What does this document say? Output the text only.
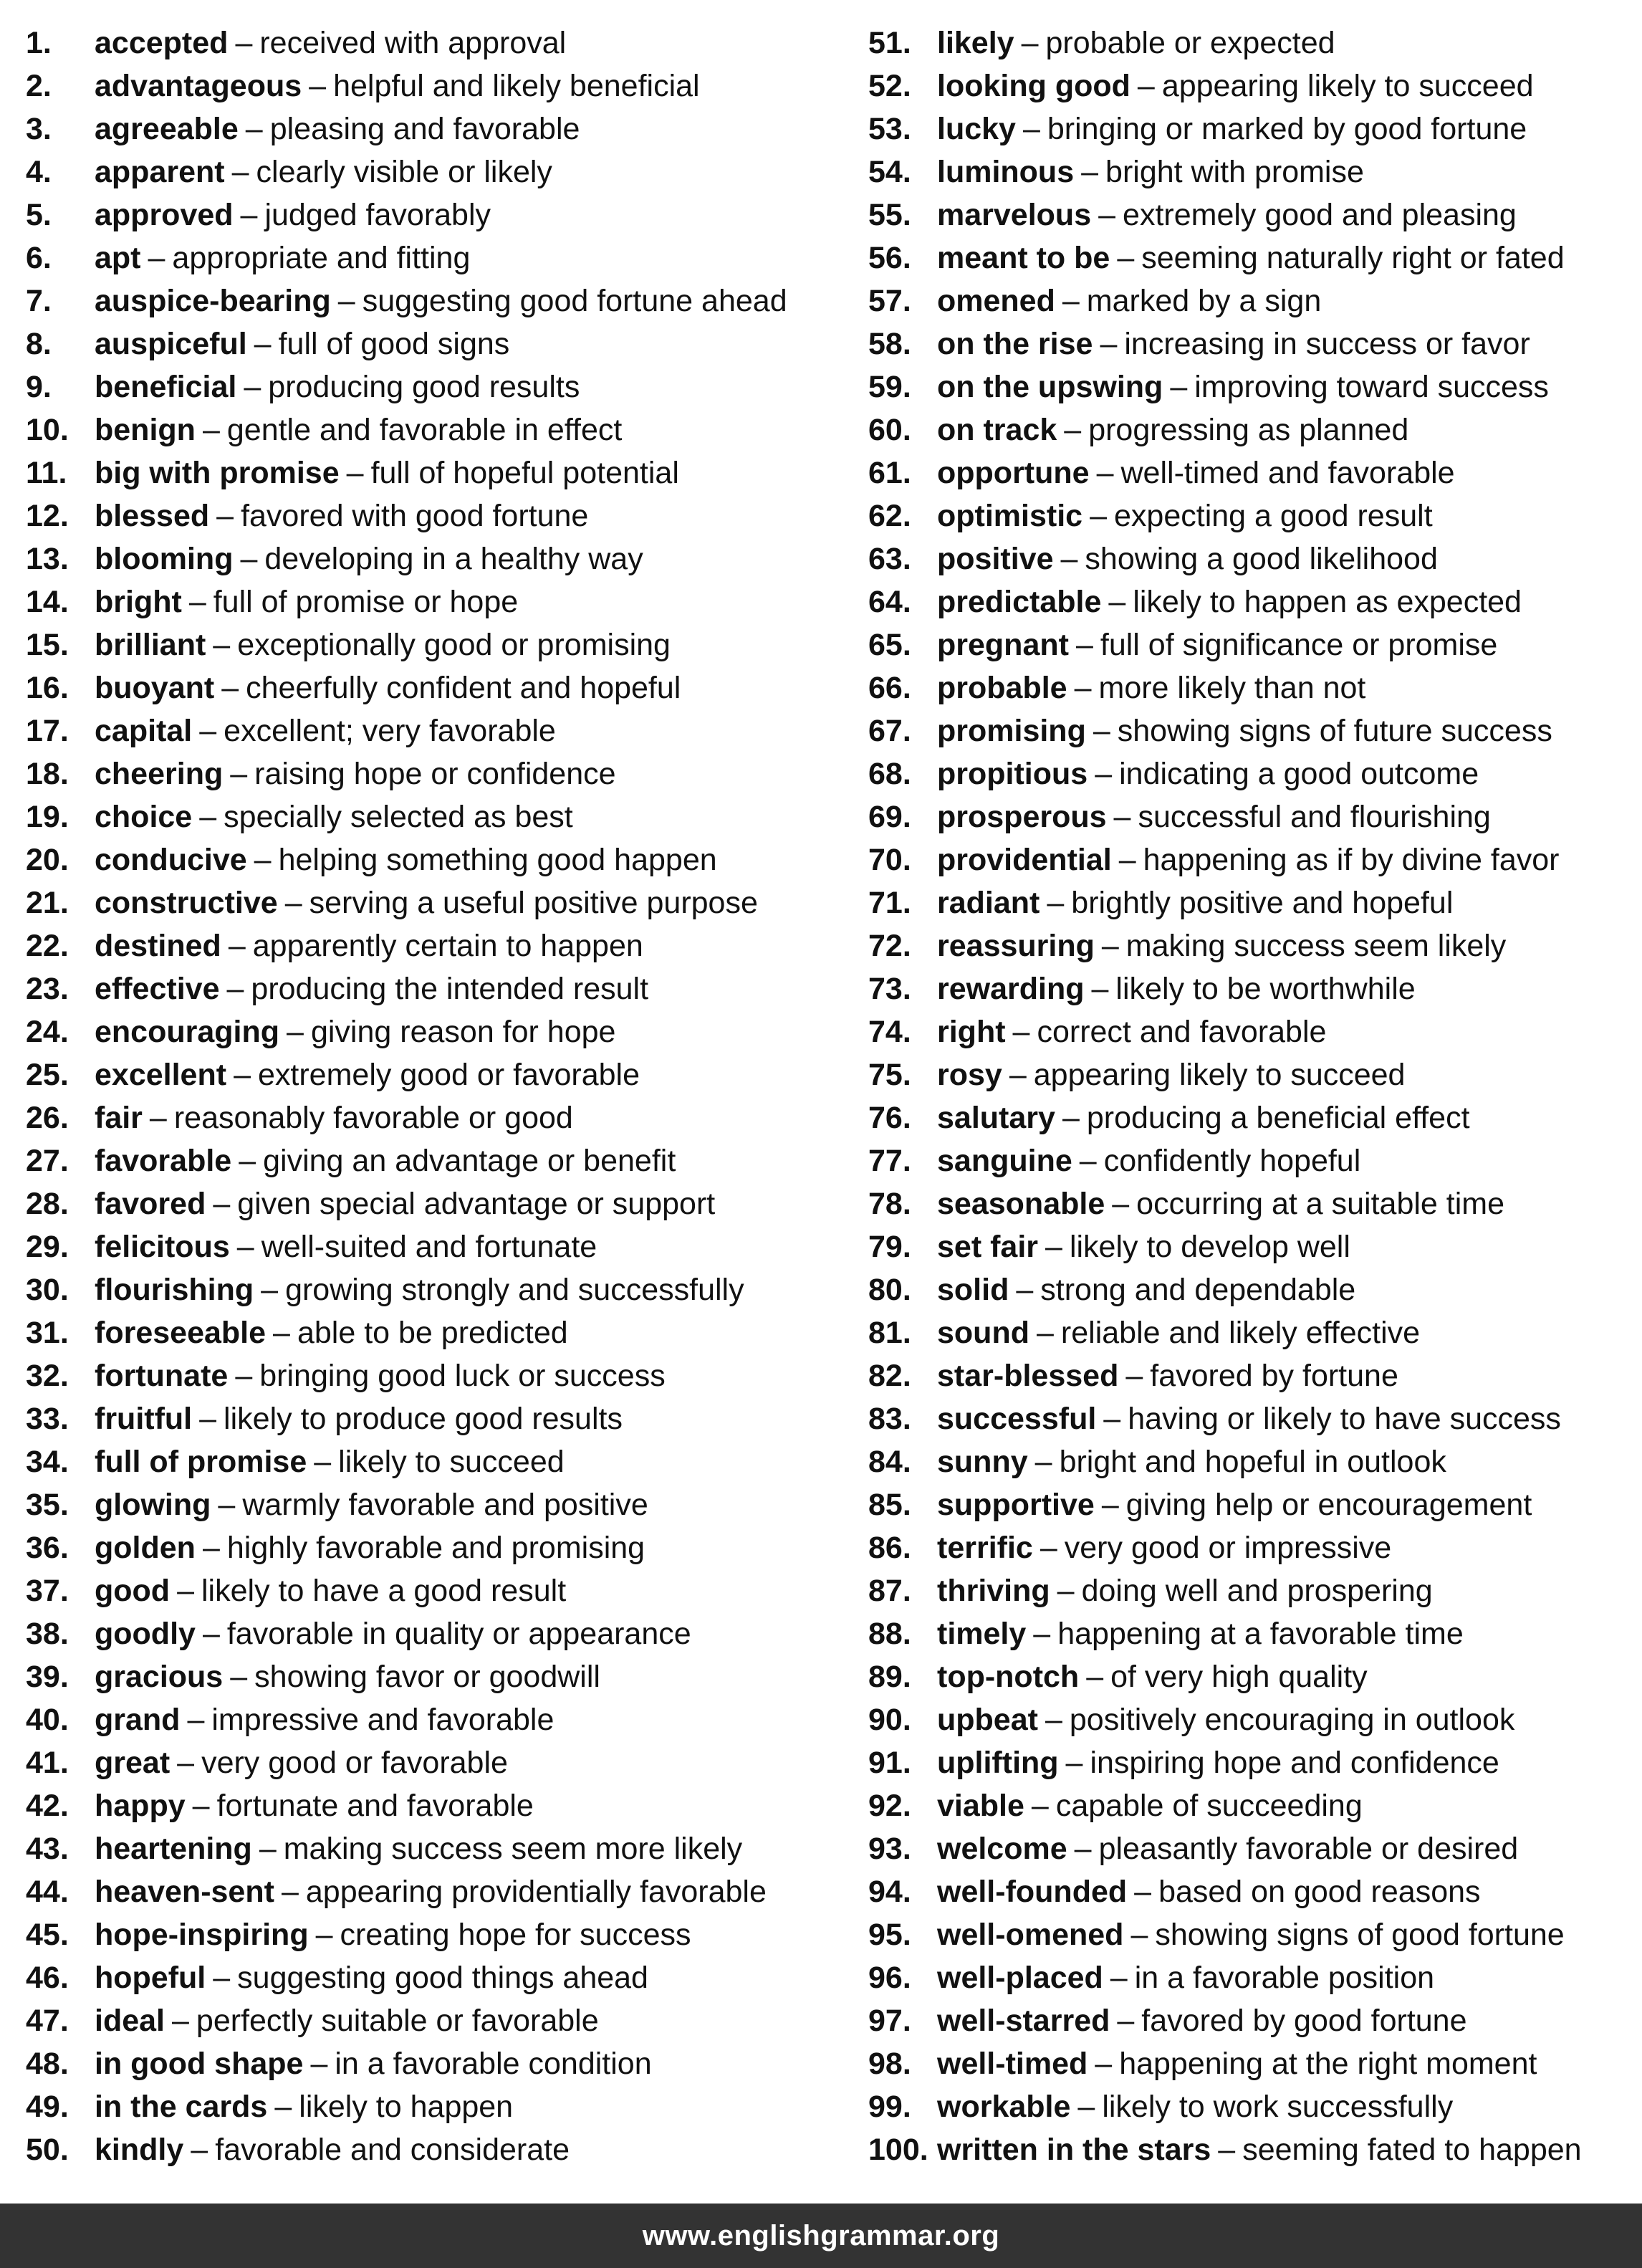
1.	accepted – received with approval
2.	advantageous – helpful and likely beneficial
3.	agreeable – pleasing and favorable
4.	apparent – clearly visible or likely
5.	approved – judged favorably
6.	apt – appropriate and fitting
7.	auspice-bearing – suggesting good fortune ahead
8.	auspiceful – full of good signs
9.	beneficial – producing good results
10. benign – gentle and favorable in effect
11. big with promise – full of hopeful potential
12. blessed – favored with good fortune
13. blooming – developing in a healthy way
14. bright – full of promise or hope
15. brilliant – exceptionally good or promising
16. buoyant – cheerfully confident and hopeful
17. capital – excellent; very favorable
18. cheering – raising hope or confidence
19. choice – specially selected as best
20. conducive – helping something good happen
21. constructive – serving a useful positive purpose
22. destined – apparently certain to happen
23. effective – producing the intended result
24. encouraging – giving reason for hope
25. excellent – extremely good or favorable
26. fair – reasonably favorable or good
27. favorable – giving an advantage or benefit
28. favored – given special advantage or support
29. felicitous – well-suited and fortunate
30. flourishing – growing strongly and successfully
31. foreseeable – able to be predicted
32. fortunate – bringing good luck or success
33. fruitful – likely to produce good results
34. full of promise – likely to succeed
35. glowing – warmly favorable and positive
36. golden – highly favorable and promising
37. good – likely to have a good result
38. goodly – favorable in quality or appearance
39. gracious – showing favor or goodwill
40. grand – impressive and favorable
41. great – very good or favorable
42. happy – fortunate and favorable
43. heartening – making success seem more likely
44. heaven-sent – appearing providentially favorable
45. hope-inspiring – creating hope for success
46. hopeful – suggesting good things ahead
47. ideal – perfectly suitable or favorable
48. in good shape – in a favorable condition
49. in the cards – likely to happen
50. kindly – favorable and considerate
51. likely – probable or expected
52. looking good – appearing likely to succeed
53. lucky – bringing or marked by good fortune
54. luminous – bright with promise
55. marvelous – extremely good and pleasing
56. meant to be – seeming naturally right or fated
57. omened – marked by a sign
58. on the rise – increasing in success or favor
59. on the upswing – improving toward success
60. on track – progressing as planned
61. opportune – well-timed and favorable
62. optimistic – expecting a good result
63. positive – showing a good likelihood
64. predictable – likely to happen as expected
65. pregnant – full of significance or promise
66. probable – more likely than not
67. promising – showing signs of future success
68. propitious – indicating a good outcome
69. prosperous – successful and flourishing
70. providential – happening as if by divine favor
71. radiant – brightly positive and hopeful
72. reassuring – making success seem likely
73. rewarding – likely to be worthwhile
74. right – correct and favorable
75. rosy – appearing likely to succeed
76. salutary – producing a beneficial effect
77. sanguine – confidently hopeful
78. seasonable – occurring at a suitable time
79. set fair – likely to develop well
80. solid – strong and dependable
81. sound – reliable and likely effective
82. star-blessed – favored by fortune
83. successful – having or likely to have success
84. sunny – bright and hopeful in outlook
85. supportive – giving help or encouragement
86. terrific – very good or impressive
87. thriving – doing well and prospering
88. timely – happening at a favorable time
89. top-notch – of very high quality
90. upbeat – positively encouraging in outlook
91. uplifting – inspiring hope and confidence
92. viable – capable of succeeding
93. welcome – pleasantly favorable or desired
94. well-founded – based on good reasons
95. well-omened – showing signs of good fortune
96. well-placed – in a favorable position
97. well-starred – favored by good fortune
98. well-timed – happening at the right moment
99. workable – likely to work successfully
100. written in the stars – seeming fated to happen
www.englishgrammar.org
